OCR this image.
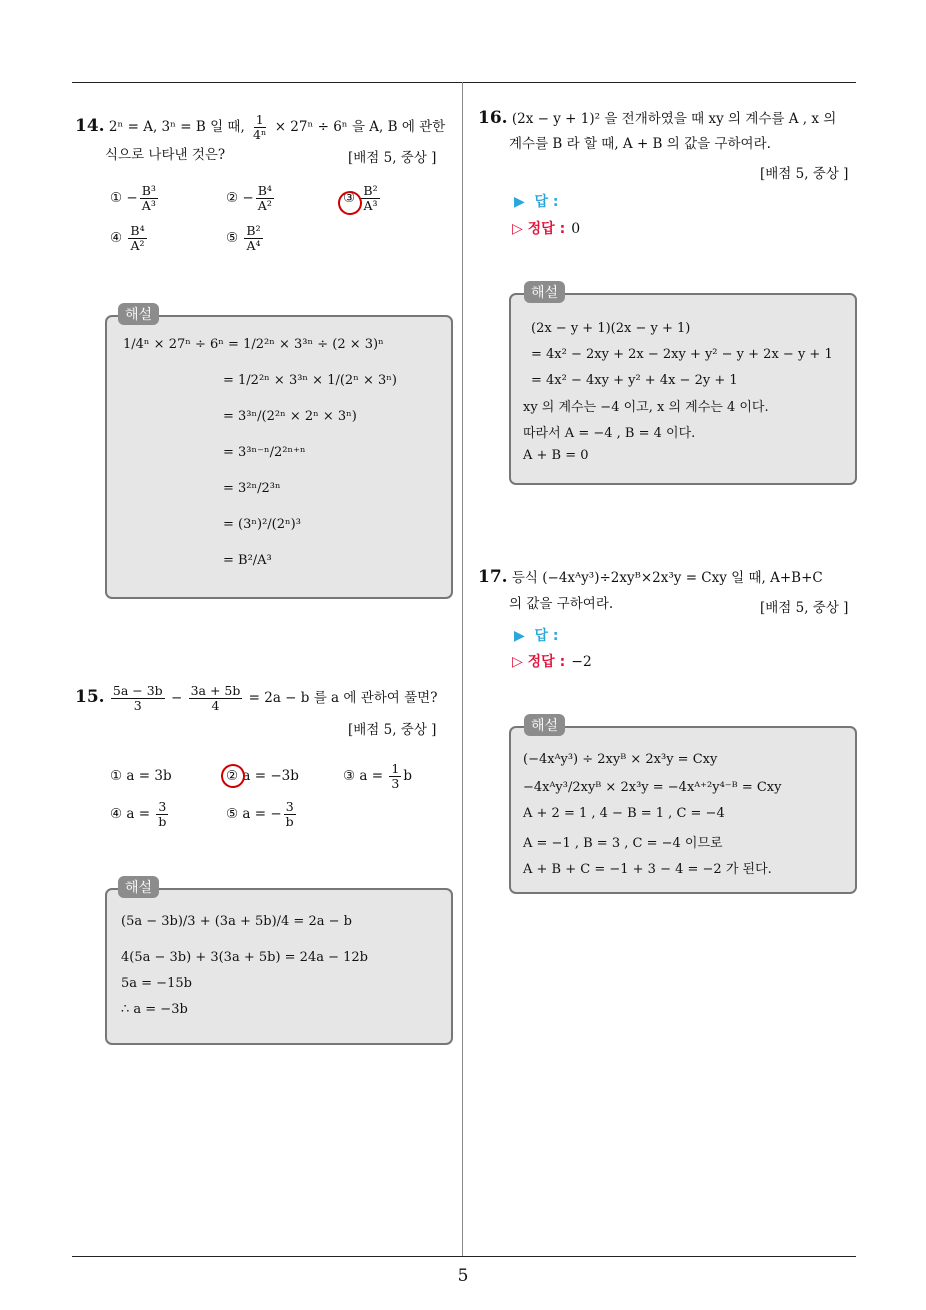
5
14. 2ⁿ = A, 3ⁿ = B 일 때, $\frac{1}{\text{4ⁿ}} \times 27^n \div 6^n$ 을 A, B 에 관한
식으로 나타낸 것은?	[배점 5, 중상 ]
① − $\frac{\text{B³}}{\text{A³}}$	② − $\frac{\text{B⁴}}{\text{A²}}$	③ $\frac{\text{B²}}{\text{A³}}$
④ $\frac{\text{B⁴}}{\text{A²}}$	⑤ $\frac{\text{B²}}{\text{A⁴}}$
1/4ⁿ × 27ⁿ ÷ 6ⁿ = 1/2²ⁿ × 3³ⁿ ÷ (2 × 3)ⁿ
= 1/2²ⁿ × 3³ⁿ × 1/(2ⁿ × 3ⁿ)
= 3³ⁿ/(2²ⁿ × 2ⁿ × 3ⁿ)
= 3³ⁿ⁻ⁿ/2²ⁿ⁺ⁿ
= 3²ⁿ/2³ⁿ
= (3ⁿ)²/(2ⁿ)³
= B²/A³
해설
15. $\frac{5a - 3b}{3} - \frac{3a + 5b}{4} = 2a - b$ 를 a 에 관하여 풀면?
[배점 5, 중상 ]
① a = 3b	② a = −3b	③ $a = \frac{1}{3}$ b
④ $a = \frac{3}{b}$	⑤ a = − $\frac{3}{b}$
(5a − 3b)/3 + (3a + 5b)/4 = 2a − b
4(5a − 3b) + 3(3a + 5b) = 24a − 12b
5a = −15b
∴ a = −3b
해설
16. (2x − y + 1)² 을 전개하였을 때 xy 의 계수를 A , x 의
계수를 B 라 할 때, A + B 의 값을 구하여라.
[배점 5, 중상 ]
▶ 답 :
▷ 정답 : 0
(2x − y + 1)(2x − y + 1)
= 4x² − 2xy + 2x − 2xy + y² − y + 2x − y + 1
= 4x² − 4xy + y² + 4x − 2y + 1
xy 의 계수는 −4 이고, x 의 계수는 4 이다.
따라서 A = −4 , B = 4 이다.
A + B = 0
해설
17. 등식 (−4xᴬy³)÷2xyᴮ×2x³y = Cxy 일 때, A+B+C
의 값을 구하여라.	[배점 5, 중상 ]
▶ 답 :
▷ 정답 : −2
(−4xᴬy³) ÷ 2xyᴮ × 2x³y = Cxy
−4xᴬy³/2xyᴮ × 2x³y = −4xᴬ⁺²y⁴⁻ᴮ = Cxy
A + 2 = 1 , 4 − B = 1 , C = −4
A = −1 , B = 3 , C = −4 이므로
A + B + C = −1 + 3 − 4 = −2 가 된다.
해설
